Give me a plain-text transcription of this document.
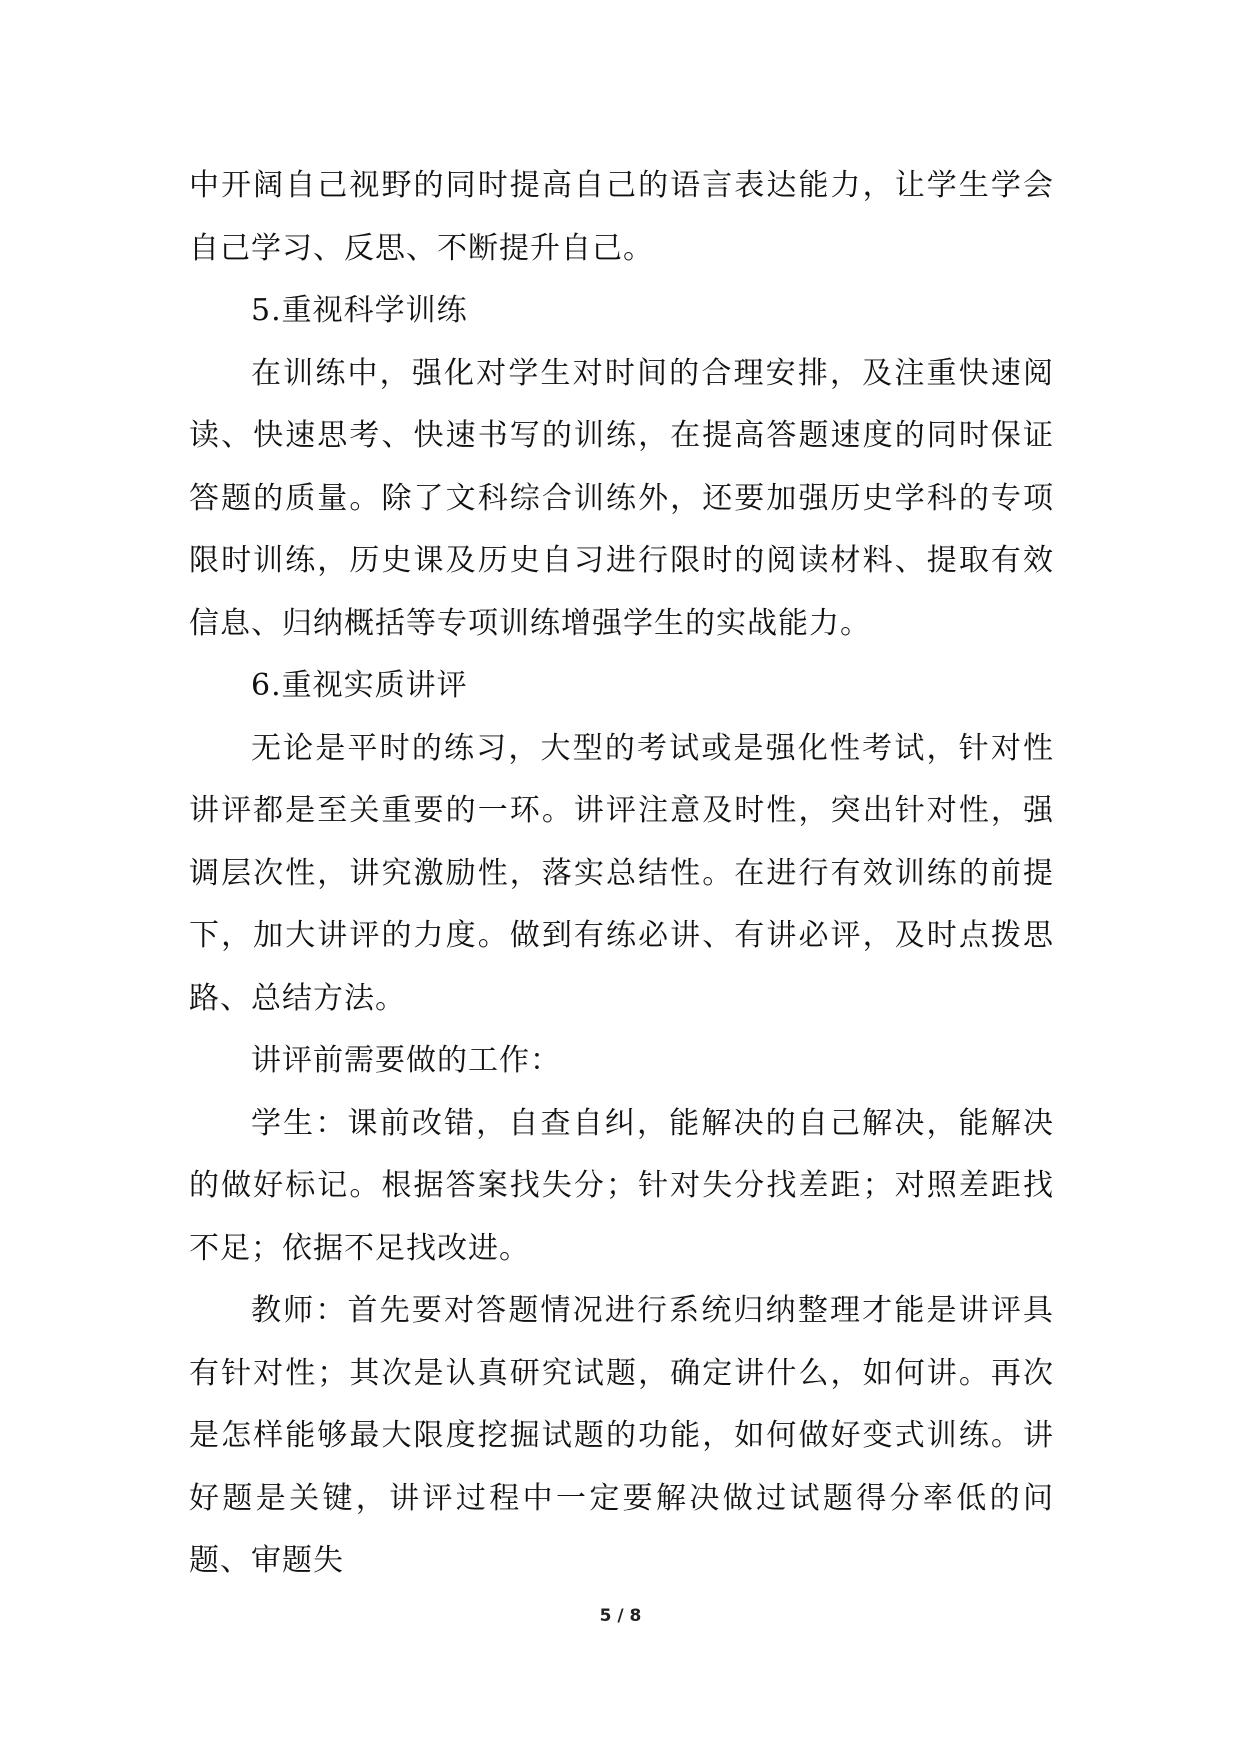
中开阔自己视野的同时提高自己的语言表达能力，让学生学会自己学习、反思、不断提升自己。

5.重视科学训练

在训练中，强化对学生对时间的合理安排，及注重快速阅读、快速思考、快速书写的训练，在提高答题速度的同时保证答题的质量。除了文科综合训练外，还要加强历史学科的专项限时训练，历史课及历史自习进行限时的阅读材料、提取有效信息、归纳概括等专项训练增强学生的实战能力。

6.重视实质讲评

无论是平时的练习，大型的考试或是强化性考试，针对性讲评都是至关重要的一环。讲评注意及时性，突出针对性，强调层次性，讲究激励性，落实总结性。在进行有效训练的前提下，加大讲评的力度。做到有练必讲、有讲必评，及时点拨思路、总结方法。

讲评前需要做的工作：

学生：课前改错，自查自纠，能解决的自己解决，能解决的做好标记。根据答案找失分；针对失分找差距；对照差距找不足；依据不足找改进。

教师：首先要对答题情况进行系统归纳整理才能是讲评具有针对性；其次是认真研究试题，确定讲什么，如何讲。再次是怎样能够最大限度挖掘试题的功能，如何做好变式训练。讲好题是关键，讲评过程中一定要解决做过试题得分率低的问题、审题失

5 / 8
